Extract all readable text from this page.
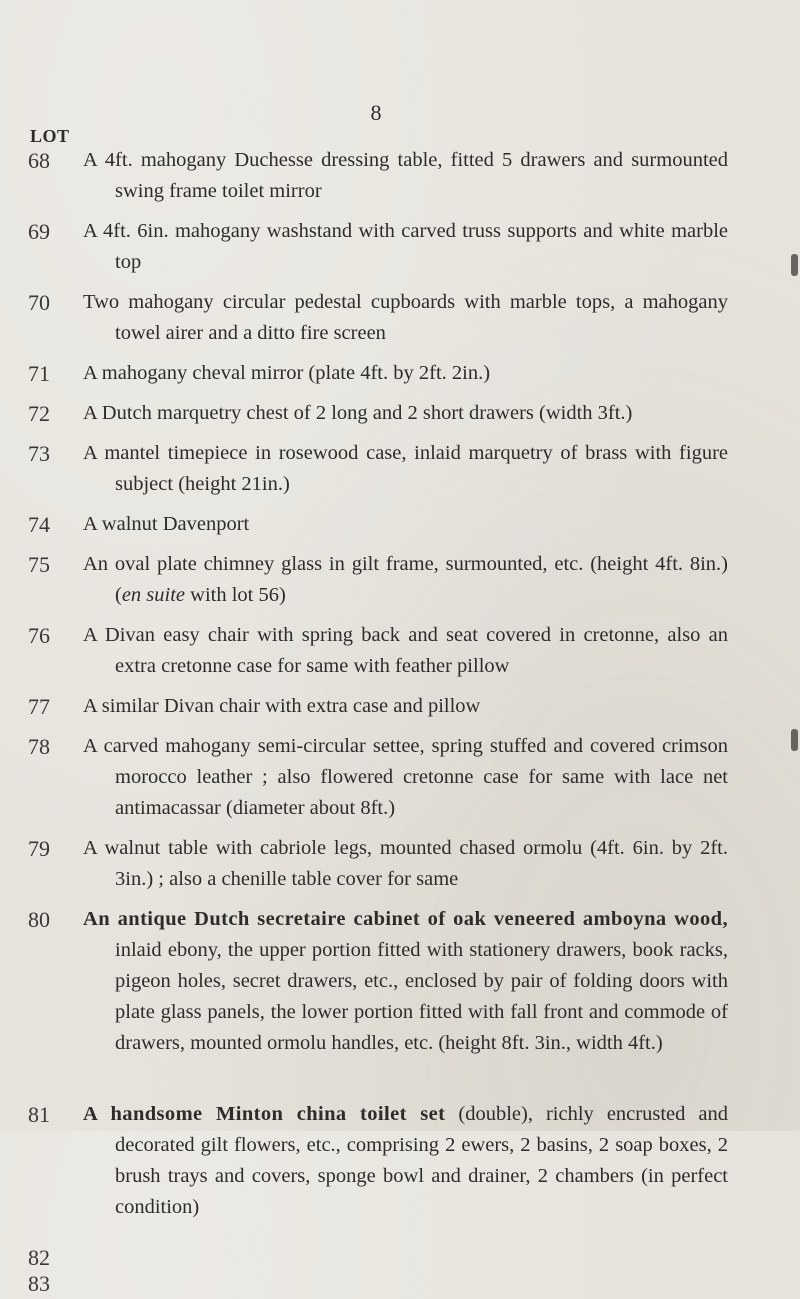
8
LOT
68	A 4ft. mahogany Duchesse dressing table, fitted 5 drawers and surmounted swing frame toilet mirror
69	A 4ft. 6in. mahogany washstand with carved truss supports and white marble top
70	Two mahogany circular pedestal cupboards with marble tops, a mahogany towel airer and a ditto fire screen
71	A mahogany cheval mirror (plate 4ft. by 2ft. 2in.)
72	A Dutch marquetry chest of 2 long and 2 short drawers (width 3ft.)
73	A mantel timepiece in rosewood case, inlaid marquetry of brass with figure subject (height 21in.)
74	A walnut Davenport
75	An oval plate chimney glass in gilt frame, surmounted, etc. (height 4ft. 8in.) (en suite with lot 56)
76	A Divan easy chair with spring back and seat covered in cretonne, also an extra cretonne case for same with feather pillow
77	A similar Divan chair with extra case and pillow
78	A carved mahogany semi-circular settee, spring stuffed and covered crimson morocco leather ; also flowered cretonne case for same with lace net antimacassar (diameter about 8ft.)
79	A walnut table with cabriole legs, mounted chased ormolu (4ft. 6in. by 2ft. 3in.) ; also a chenille table cover for same
80	An antique Dutch secretaire cabinet of oak veneered amboyna wood, inlaid ebony, the upper portion fitted with stationery drawers, book racks, pigeon holes, secret drawers, etc., enclosed by pair of folding doors with plate glass panels, the lower portion fitted with fall front and commode of drawers, mounted ormolu handles, etc. (height 8ft. 3in., width 4ft.)
81	A handsome Minton china toilet set (double), richly encrusted and decorated gilt flowers, etc., comprising 2 ewers, 2 basins, 2 soap boxes, 2 brush trays and covers, sponge bowl and drainer, 2 chambers (in perfect condition)
82
83
